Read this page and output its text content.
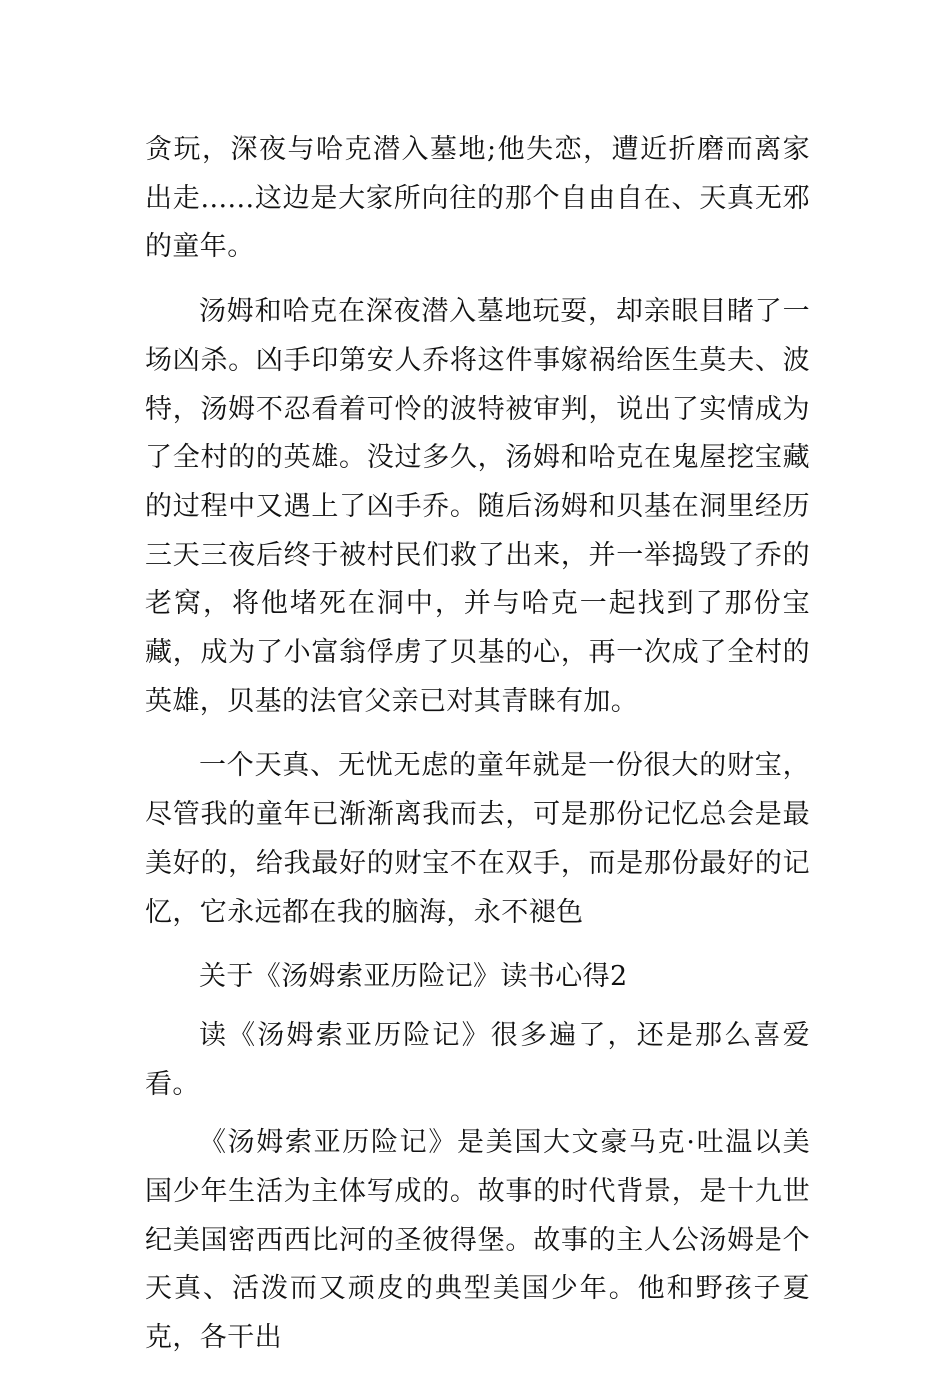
贪玩，深夜与哈克潜入墓地;他失恋，遭近折磨而离家出走......这边是大家所向往的那个自由自在、天真无邪的童年。

汤姆和哈克在深夜潜入墓地玩耍，却亲眼目睹了一场凶杀。凶手印第安人乔将这件事嫁祸给医生莫夫、波特，汤姆不忍看着可怜的波特被审判，说出了实情成为了全村的的英雄。没过多久，汤姆和哈克在鬼屋挖宝藏的过程中又遇上了凶手乔。随后汤姆和贝基在洞里经历三天三夜后终于被村民们救了出来，并一举捣毁了乔的老窝，将他堵死在洞中，并与哈克一起找到了那份宝藏，成为了小富翁俘虏了贝基的心，再一次成了全村的英雄，贝基的法官父亲已对其青睐有加。

一个天真、无忧无虑的童年就是一份很大的财宝，尽管我的童年已渐渐离我而去，可是那份记忆总会是最美好的，给我最好的财宝不在双手，而是那份最好的记忆，它永远都在我的脑海，永不褪色

关于《汤姆索亚历险记》读书心得2

读《汤姆索亚历险记》很多遍了，还是那么喜爱看。

《汤姆索亚历险记》是美国大文豪马克·吐温以美国少年生活为主体写成的。故事的时代背景，是十九世纪美国密西西比河的圣彼得堡。故事的主人公汤姆是个天真、活泼而又顽皮的典型美国少年。他和野孩子夏克，各干出
